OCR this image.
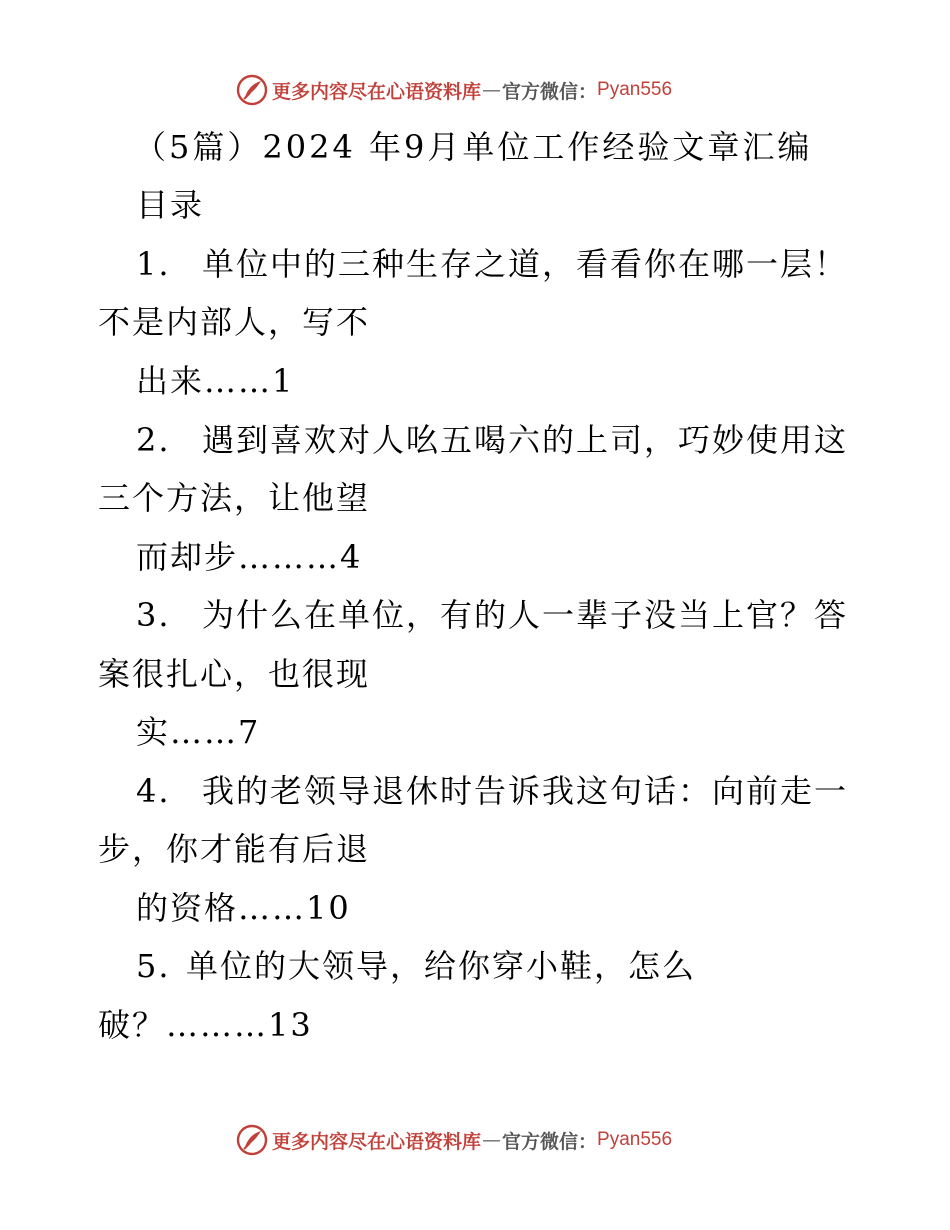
更多内容尽在心语资料库 — 官方微信： Pyan556
（5篇）2024 年9月单位工作经验文章汇编
目录
1. 单位中的三种生存之道，看看你在哪一层！
不是内部人，写不
出来……1
2. 遇到喜欢对人吆五喝六的上司，巧妙使用这
三个方法，让他望
而却步………4
3. 为什么在单位，有的人一辈子没当上官？答
案很扎心，也很现
实……7
4. 我的老领导退休时告诉我这句话：向前走一
步，你才能有后退
的资格……10
5. 单位的大领导，给你穿小鞋，怎么
破？………13
更多内容尽在心语资料库 — 官方微信： Pyan556
